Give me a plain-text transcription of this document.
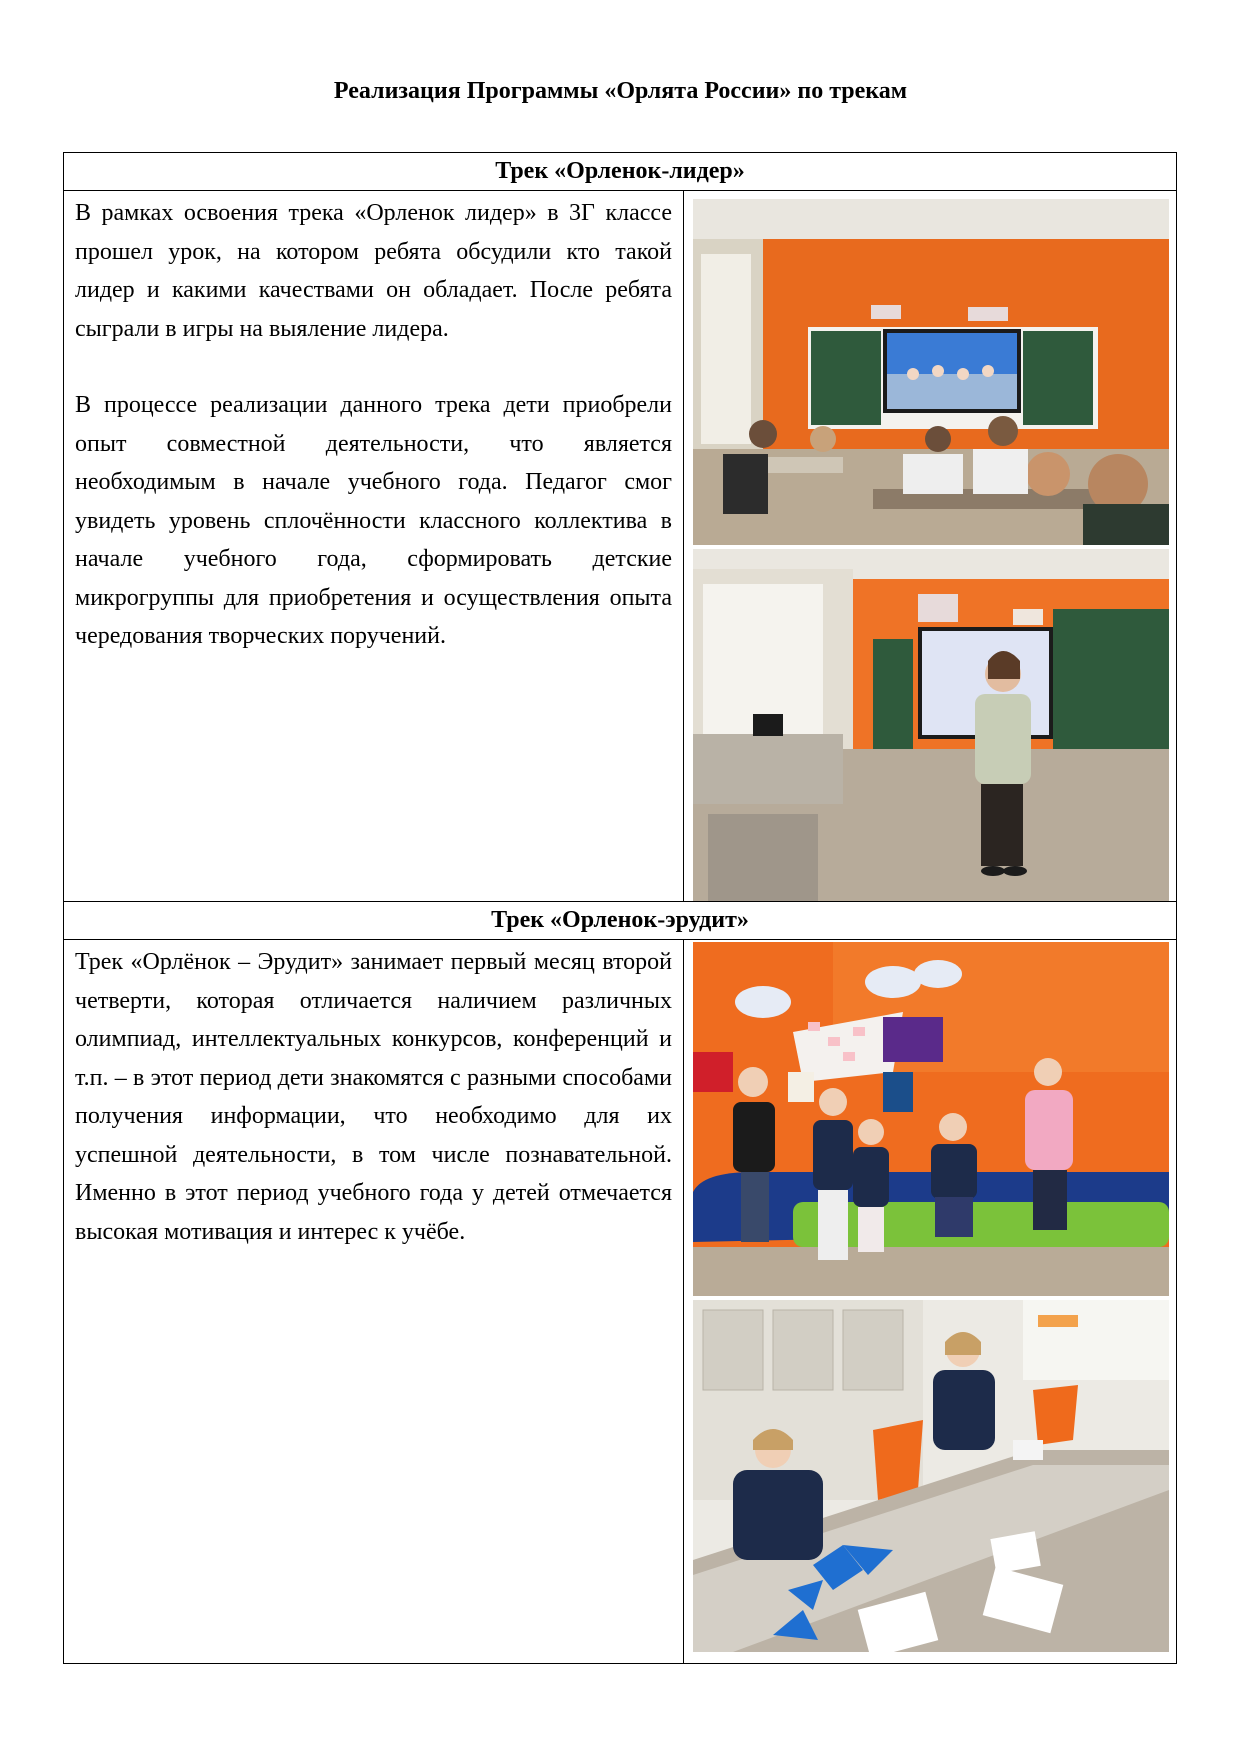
Реализация Программы «Орлята России» по трекам
Трек «Орленок-лидер»	

В рамках освоения трека «Орленок лидер» в 3Г классе прошел урок, на котором ребята обсудили кто такой лидер и какими качествами он обладает. После ребята сыграли в игры на выяление лидера.

В процессе реализации данного трека дети приобрели опыт совместной деятельности, что является необходимым в начале учебного года. Педагог смог увидеть уровень сплочённости классного коллектива в начале учебного года, сформировать детские микрогруппы для приобретения и осуществления опыта чередования творческих поручений.

Трек «Орленок-эрудит»	

Трек «Орлёнок – Эрудит» занимает первый месяц второй четверти, которая отличается наличием различных олимпиад, интеллектуальных конкурсов, конференций и т.п. – в этот период дети знакомятся с разными способами получения информации, что необходимо для их успешной деятельности, в том числе познавательной. Именно в этот период учебного года у детей отмечается высокая мотивация и интерес к учёбе.
